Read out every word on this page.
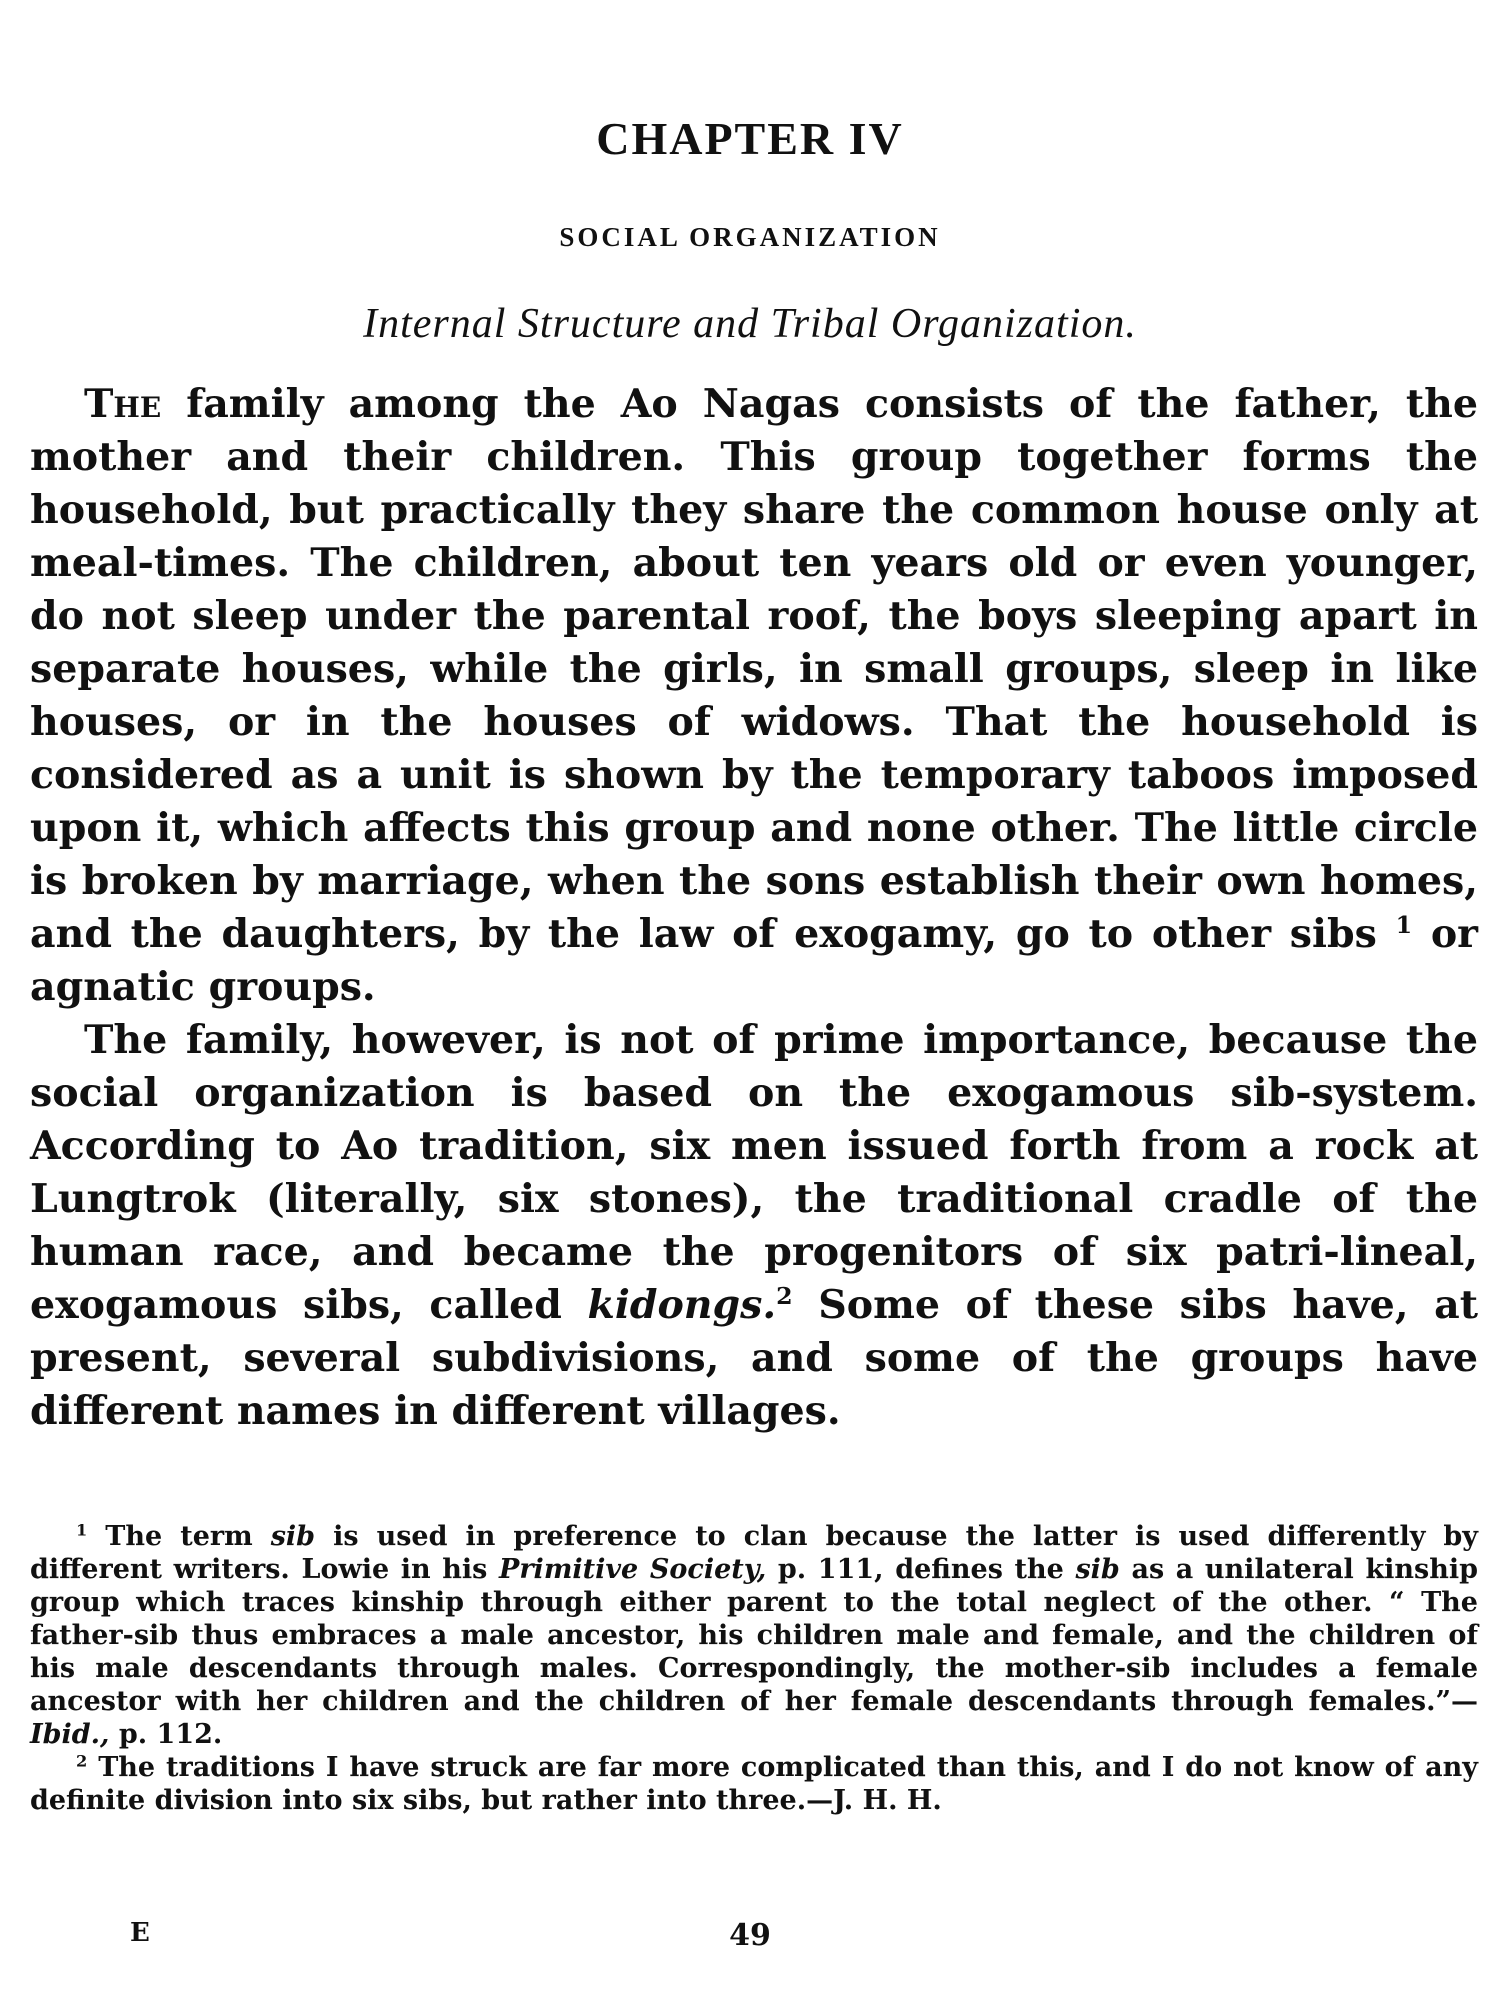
CHAPTER IV
SOCIAL ORGANIZATION
Internal Structure and Tribal Organization.

The family among the Ao Nagas consists of the father, the mother and their children. This group together forms the household, but practically they share the common house only at meal-times. The children, about ten years old or even younger, do not sleep under the parental roof, the boys sleeping apart in separate houses, while the girls, in small groups, sleep in like houses, or in the houses of widows. That the household is considered as a unit is shown by the temporary taboos imposed upon it, which affects this group and none other. The little circle is broken by marriage, when the sons establish their own homes, and the daughters, by the law of exogamy, go to other sibs $^1$ or agnatic groups.

The family, however, is not of prime importance, because the social organization is based on the exogamous sib-system. According to Ao tradition, six men issued forth from a rock at Lungtrok (literally, six stones), the traditional cradle of the human race, and became the progenitors of six patri-lineal, exogamous sibs, called kidongs.$^2$ Some of these sibs have, at present, several subdivisions, and some of the groups have different names in different villages.

$^1$ The term sib is used in preference to clan because the latter is used differently by different writers. Lowie in his Primitive Society, p. 111, defines the sib as a unilateral kinship group which traces kinship through either parent to the total neglect of the other. “ The father-sib thus embraces a male ancestor, his children male and female, and the children of his male descendants through males. Correspondingly, the mother-sib includes a female ancestor with her children and the children of her female descendants through females.”—Ibid., p. 112.

$^2$ The traditions I have struck are far more complicated than this, and I do not know of any definite division into six sibs, but rather into three.—J. H. H.

E	49
